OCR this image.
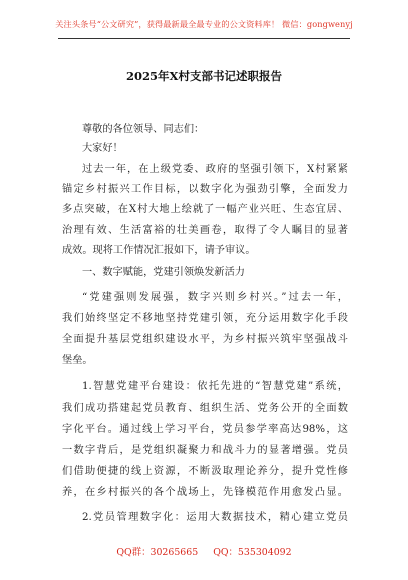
关注头条号“公文研究”，获得最新最全最专业的公文资料库！ 微信：gongwenyj
2025年X村支部书记述职报告
尊敬的各位领导、同志们：
大家好！
过去一年，在上级党委、政府的坚强引领下，X村紧紧
锚定乡村振兴工作目标，以数字化为强劲引擎，全面发力
多点突破，在X村大地上绘就了一幅产业兴旺、生态宜居、
治理有效、生活富裕的壮美画卷，取得了令人瞩目的显著
成效。现将工作情况汇报如下，请予审议。
一、数字赋能，党建引领焕发新活力
“党建强则发展强，数字兴则乡村兴。”过去一年，
我们始终坚定不移地坚持党建引领，充分运用数字化手段
全面提升基层党组织建设水平，为乡村振兴筑牢坚强战斗
堡垒。
1.智慧党建平台建设：依托先进的“智慧党建”系统，
我们成功搭建起党员教育、组织生活、党务公开的全面数
字化平台。通过线上学习平台，党员参学率高达98%，这
一数字背后，是党组织凝聚力和战斗力的显著增强。党员
们借助便捷的线上资源，不断汲取理论养分，提升党性修
养，在乡村振兴的各个战场上，先锋模范作用愈发凸显。
2.党员管理数字化：运用大数据技术，精心建立党员
QQ群：30265665 QQ：535304092
